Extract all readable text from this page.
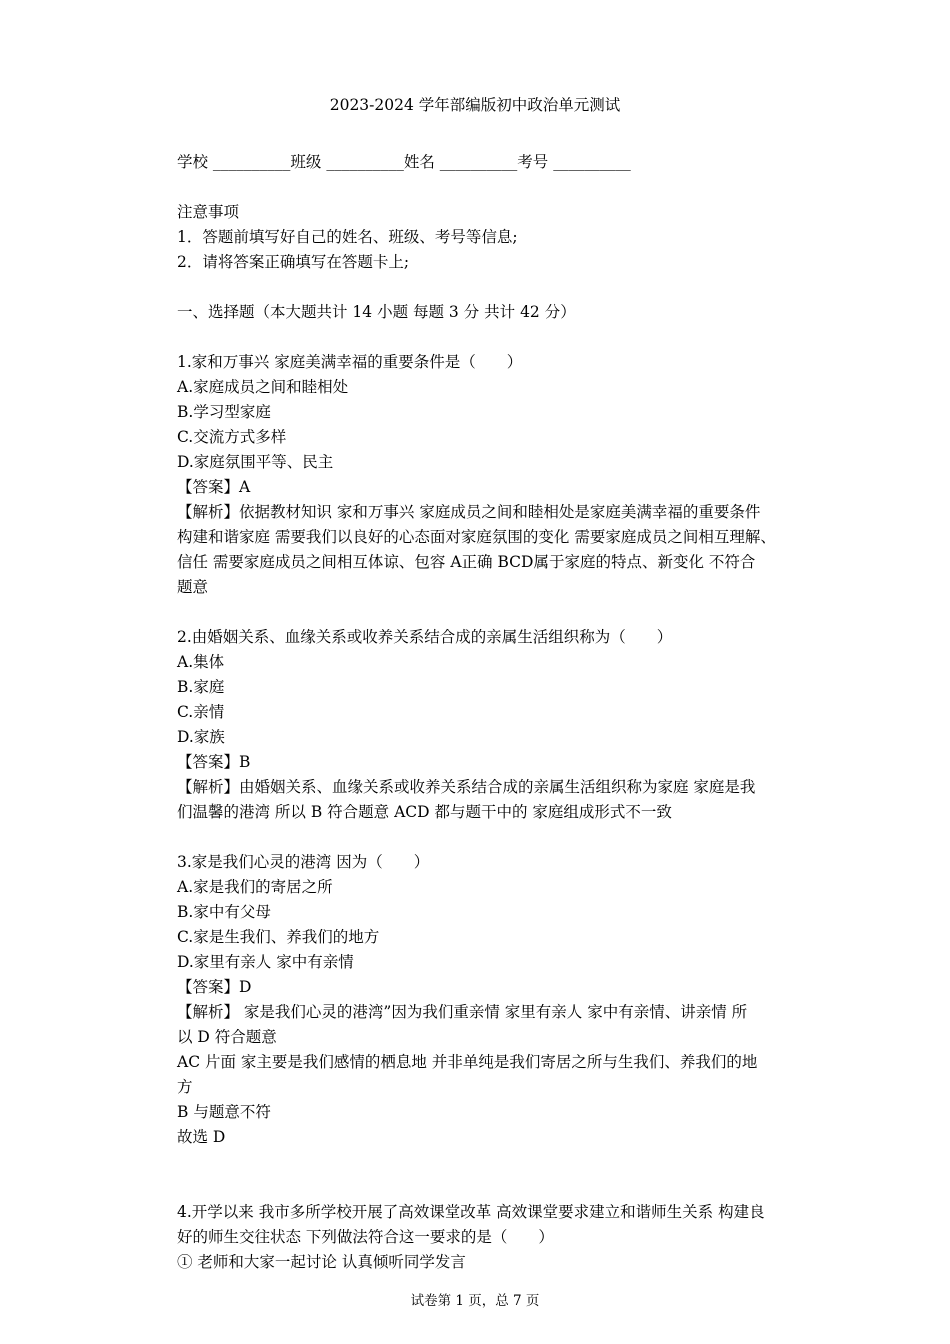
2023-2024 学年部编版初中政治单元测试
学校 __________班级 __________姓名 __________考号 __________
注意事项
1．答题前填写好自己的姓名、班级、考号等信息;
2．请将答案正确填写在答题卡上;
一、选择题（本大题共计 14 小题 每题 3 分 共计 42 分）
1.家和万事兴 家庭美满幸福的重要条件是（　　）
A.家庭成员之间和睦相处
B.学习型家庭
C.交流方式多样
D.家庭氛围平等、民主
【答案】A
【解析】依据教材知识 家和万事兴 家庭成员之间和睦相处是家庭美满幸福的重要条件
构建和谐家庭 需要我们以良好的心态面对家庭氛围的变化 需要家庭成员之间相互理解、
信任 需要家庭成员之间相互体谅、包容 A正确 BCD属于家庭的特点、新变化 不符合
题意
2.由婚姻关系、血缘关系或收养关系结合成的亲属生活组织称为（　　）
A.集体
B.家庭
C.亲情
D.家族
【答案】B
【解析】由婚姻关系、血缘关系或收养关系结合成的亲属生活组织称为家庭 家庭是我
们温馨的港湾 所以 B 符合题意 ACD 都与题干中的 家庭组成形式不一致
3.家是我们心灵的港湾 因为（　　）
A.家是我们的寄居之所
B.家中有父母
C.家是生我们、养我们的地方
D.家里有亲人 家中有亲情
【答案】D
【解析】 家是我们心灵的港湾”因为我们重亲情 家里有亲人 家中有亲情、讲亲情 所
以 D 符合题意
AC 片面 家主要是我们感情的栖息地 并非单纯是我们寄居之所与生我们、养我们的地
方
B 与题意不符
故选 D
4.开学以来 我市多所学校开展了高效课堂改革 高效课堂要求建立和谐师生关系 构建良
好的师生交往状态 下列做法符合这一要求的是（　　）
① 老师和大家一起讨论 认真倾听同学发言
试卷第 1 页，总 7 页
